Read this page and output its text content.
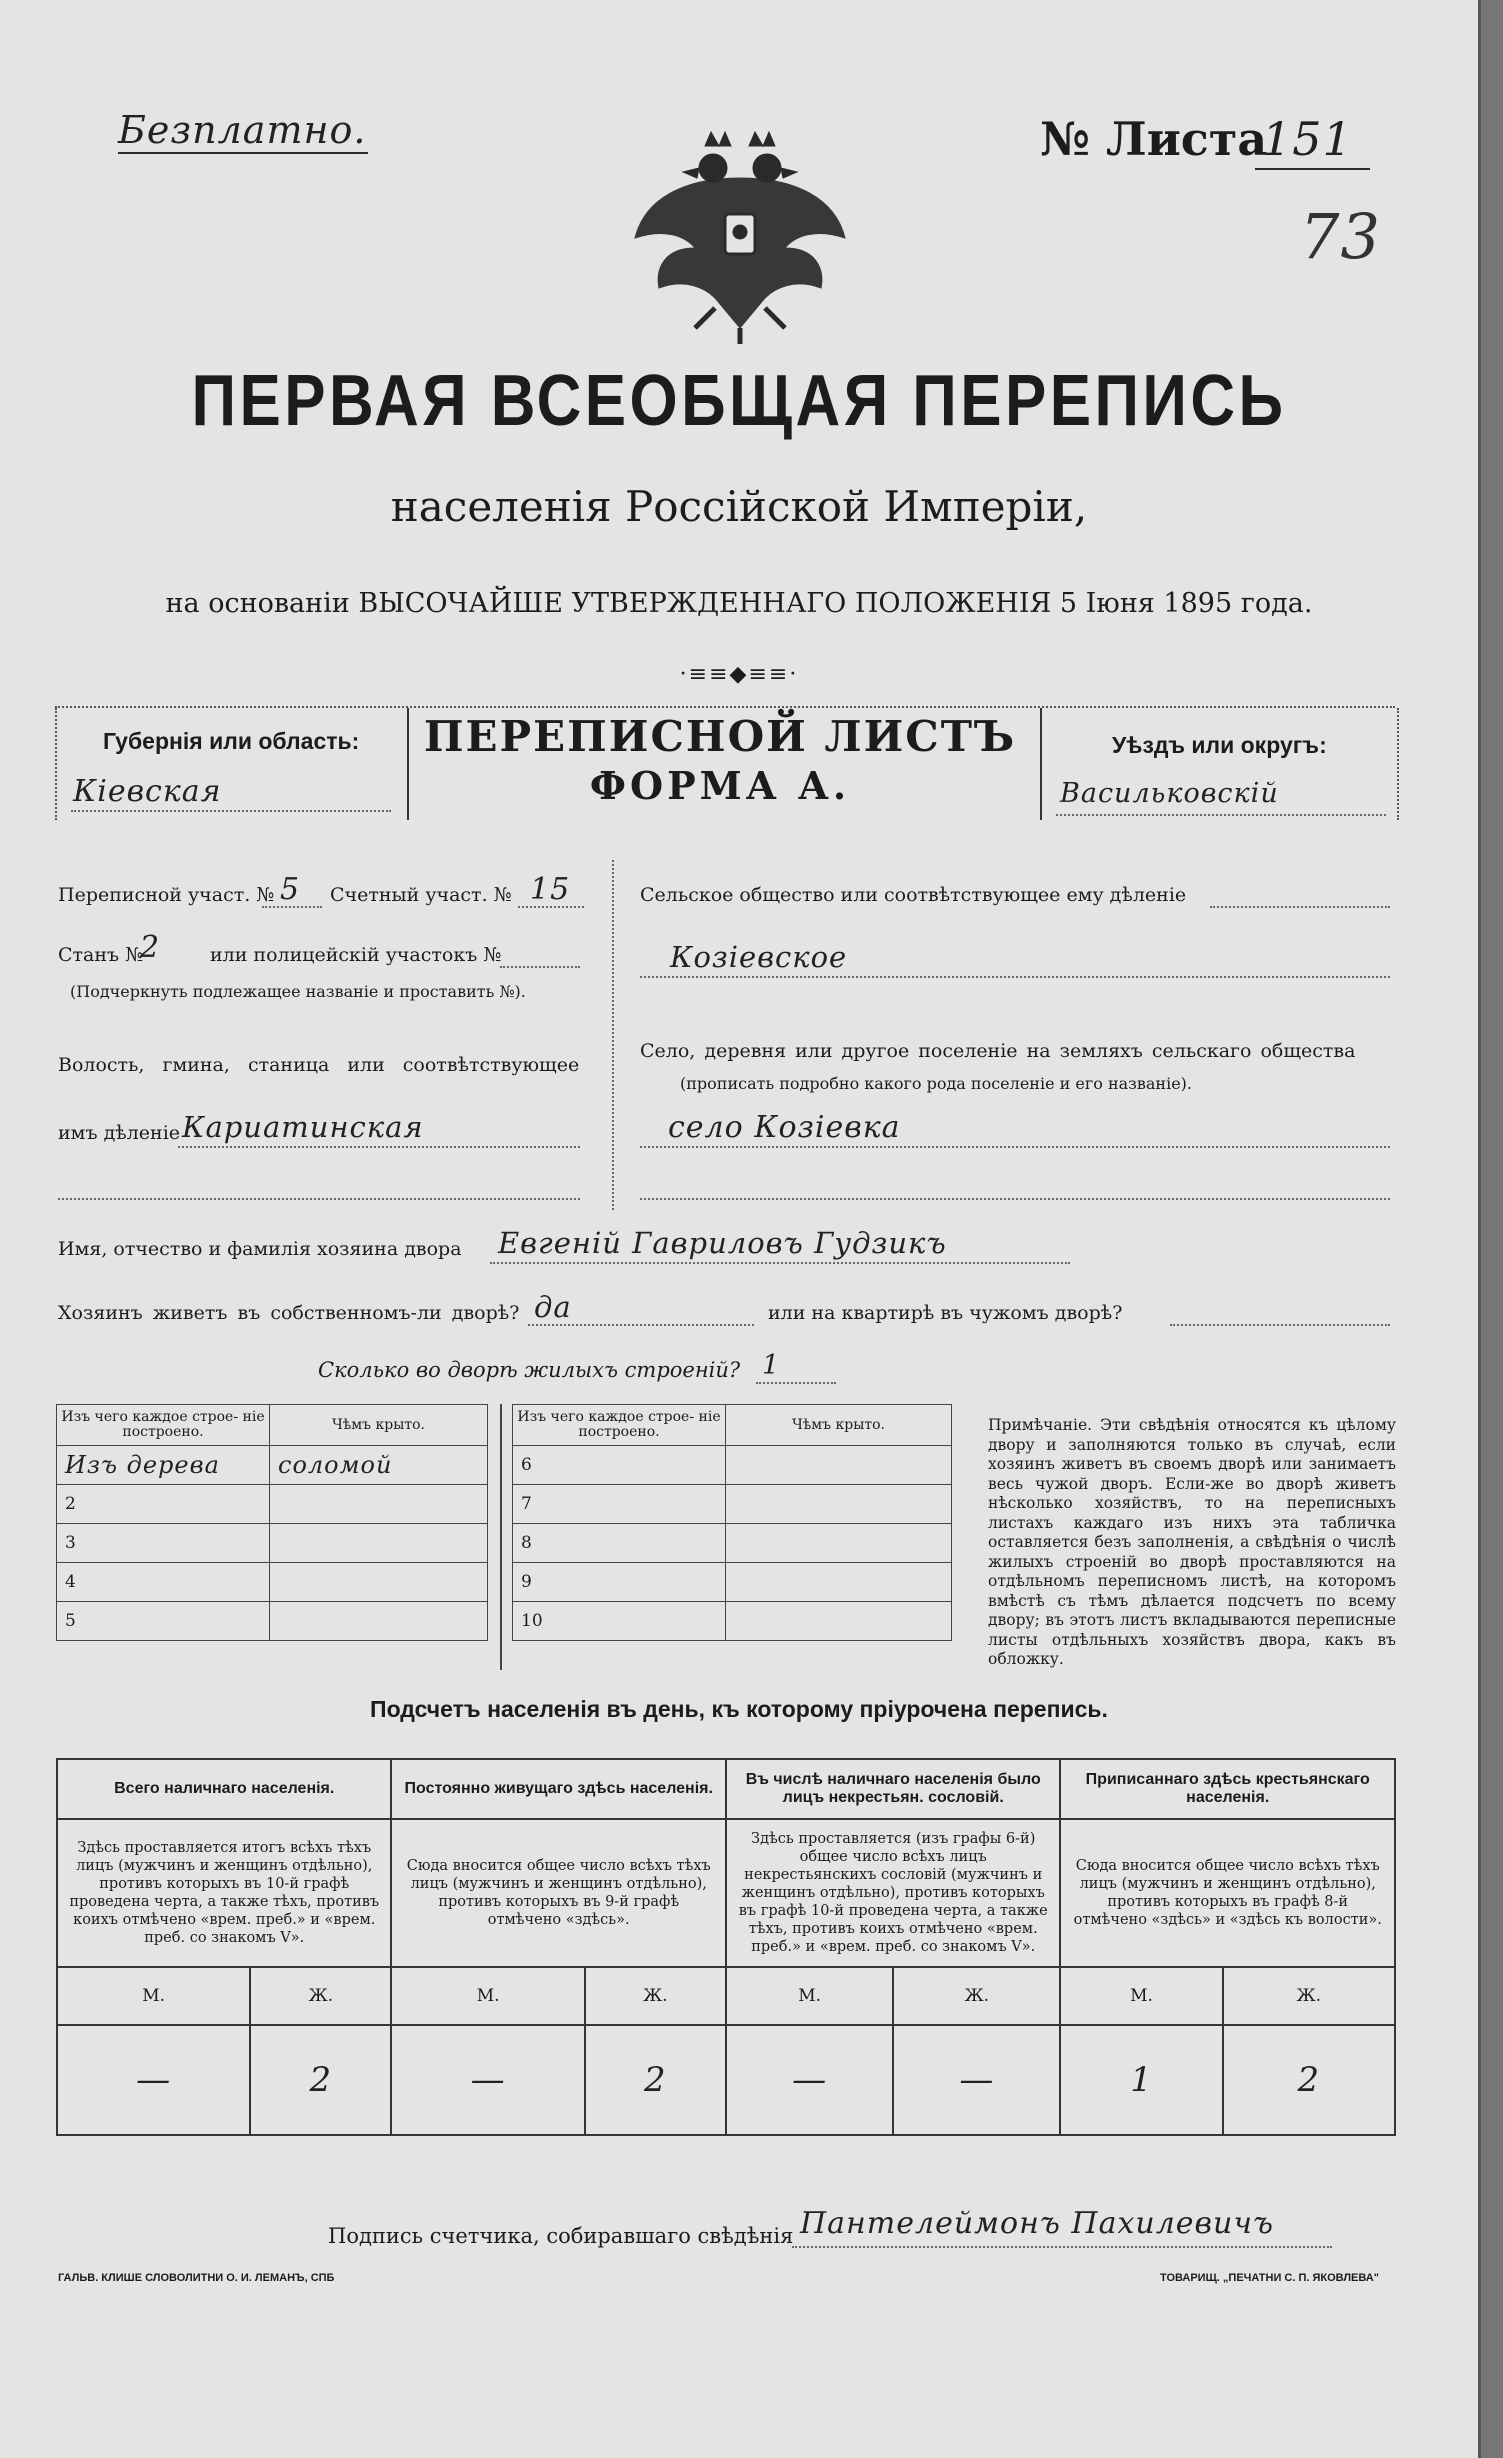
Безплатно.	№ Листа
151
73
ПЕРВАЯ ВСЕОБЩАЯ ПЕРЕПИСЬ
населенія Россійской Имперіи,
на основаніи ВЫСОЧАЙШЕ УТВЕРЖДЕННАГО ПОЛОЖЕНІЯ 5 Іюня 1895 года.
·≡≡◆≡≡·
Губернія или область:
Кіевская
ПЕРЕПИСНОЙ ЛИСТЪ
ФОРМА А.
Уѣздъ или округъ:
Васильковскій
Переписной участ. № 5 Счетный участ. № 15
Станъ №
2	или полицейскій участокъ №
(Подчеркнуть подлежащее названіе и проставить №).
Волость, гмина, станица или соотвѣтствующее
имъ дѣленіе Кариатинская
Сельское общество или соотвѣтствующее ему дѣленіе
Козіевское
Село, деревня или другое поселеніе на земляхъ сельскаго общества
(прописать подробно какого рода поселеніе и его названіе).
село Козіевка
Имя, отчество и фамилія хозяина двора Евгеній Гавриловъ Гудзикъ
Хозяинъ живетъ въ собственномъ-ли дворѣ? да	или на квартирѣ въ чужомъ дворѣ?
Сколько во дворѣ жилыхъ строеній? 1
Изъ чего каждое строе- ніе построено.	Чѣмъ крыто.
Изъ дерева	соломой
2	
3	
4	
5	
Изъ чего каждое строе- ніе построено.	Чѣмъ крыто.
6	
7	
8	
9	
10	
Примѣчаніе. Эти свѣдѣнія относятся къ цѣлому двору и заполняются только въ случаѣ, если хозяинъ живетъ въ своемъ дворѣ или занимаетъ весь чужой дворъ. Если-же во дворѣ живетъ нѣсколько хозяйствъ, то на переписныхъ листахъ каждаго изъ нихъ эта табличка оставляется безъ заполненія, а свѣдѣнія о числѣ жилыхъ строеній во дворѣ проставляются на отдѣльномъ переписномъ листѣ, на которомъ вмѣстѣ съ тѣмъ дѣлается подсчетъ по всему двору; въ этотъ листъ вкладываются переписные листы отдѣльныхъ хозяйствъ двора, какъ въ обложку.
Подсчетъ населенія въ день, къ которому пріурочена перепись.
Всего наличнаго населенія.		Постоянно живущаго здѣсь населенія.		Въ числѣ наличнаго населенія было лицъ некрестьян. сословій.		Приписаннаго здѣсь крестьянскаго населенія.	
Здѣсь проставляется итогъ всѣхъ тѣхъ лицъ (мужчинъ и женщинъ отдѣльно), противъ которыхъ въ 10-й графѣ проведена черта, а также тѣхъ, противъ коихъ отмѣчено «врем. преб.» и «врем. преб. со знакомъ V».		Сюда вносится общее число всѣхъ тѣхъ лицъ (мужчинъ и женщинъ отдѣльно), противъ которыхъ въ 9-й графѣ отмѣчено «здѣсь».		Здѣсь проставляется (изъ графы 6-й) общее число всѣхъ лицъ некрестьянскихъ сословій (мужчинъ и женщинъ отдѣльно), противъ которыхъ въ графѣ 10-й проведена черта, а также тѣхъ, противъ коихъ отмѣчено «врем. преб.» и «врем. преб. со знакомъ V».		Сюда вносится общее число всѣхъ тѣхъ лицъ (мужчинъ и женщинъ отдѣльно), противъ которыхъ въ графѣ 8-й отмѣчено «здѣсь» и «здѣсь къ волости».	
М.	Ж.	М.	Ж.	М.	Ж.	М.	Ж.
—	2	—	2	—	—	1	2
Подпись счетчика, собиравшаго свѣдѣнія Пантелеймонъ Пахилевичъ
ГАЛЬВ. КЛИШЕ СЛОВОЛИТНИ О. И. ЛЕМАНЪ, СПБ	ТОВАРИЩ. „ПЕЧАТНИ С. П. ЯКОВЛЕВА"
